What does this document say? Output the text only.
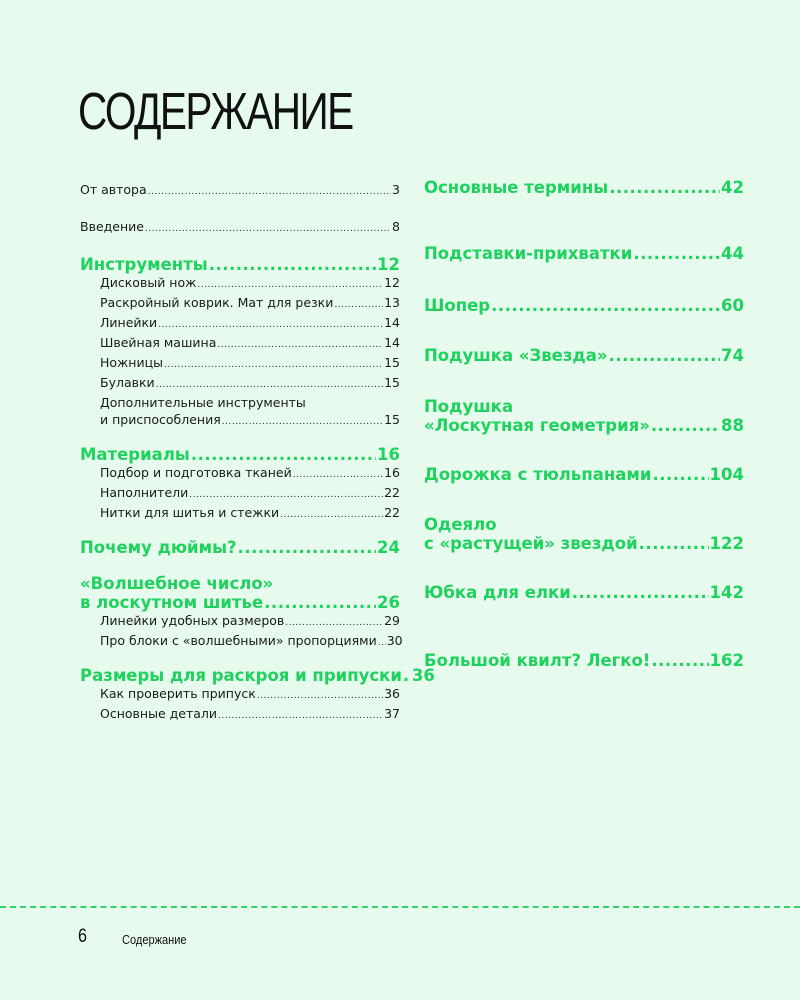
СОДЕРЖАНИЕ
От автора .....	3
Введение .....	8
Инструменты .....	12
Дисковый нож .....	12
Раскройный коврик. Мат для резки .....	13
Линейки .....	14
Швейная машина .....	14
Ножницы .....	15
Булавки .....	15
Дополнительные инструменты
и приспособления .....	15
Материалы .....	16
Подбор и подготовка тканей .....	16
Наполнители .....	22
Нитки для шитья и стежки .....	22
Почему дюймы? .....	24
«Волшебное число»
в лоскутном шитье .....	26
Линейки удобных размеров .....	29
Про блоки с «волшебными» пропорциями ..... 30
Размеры для раскроя и припуски ..... 36
Как проверить припуск .....	36
Основные детали .....	37
Основные термины .....	42
Подставки-прихватки .....	44
Шопер .....	60
Подушка «Звезда» .....	74
Подушка
«Лоскутная геометрия» .....	88
Дорожка с тюльпанами .....	104
Одеяло
с «растущей» звездой .....	122
Юбка для елки .....	142
Большой квилт? Легко! .....	162
6	Содержание
